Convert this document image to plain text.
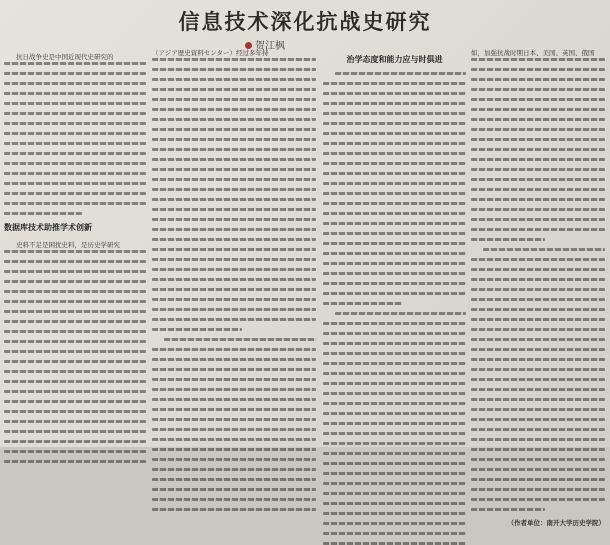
信息技术深化抗战史研究
贺江枫
抗日战争史是中国近现代史研究的
数据库技术助推学术创新
史料不足是困扰史料，是历史学研究
（アジア歴史資料センター）经过多年持
治学态度和能力应与时俱进
如，加强抗战时期日本、美国、英国、俄国
（作者单位：南开大学历史学院）
